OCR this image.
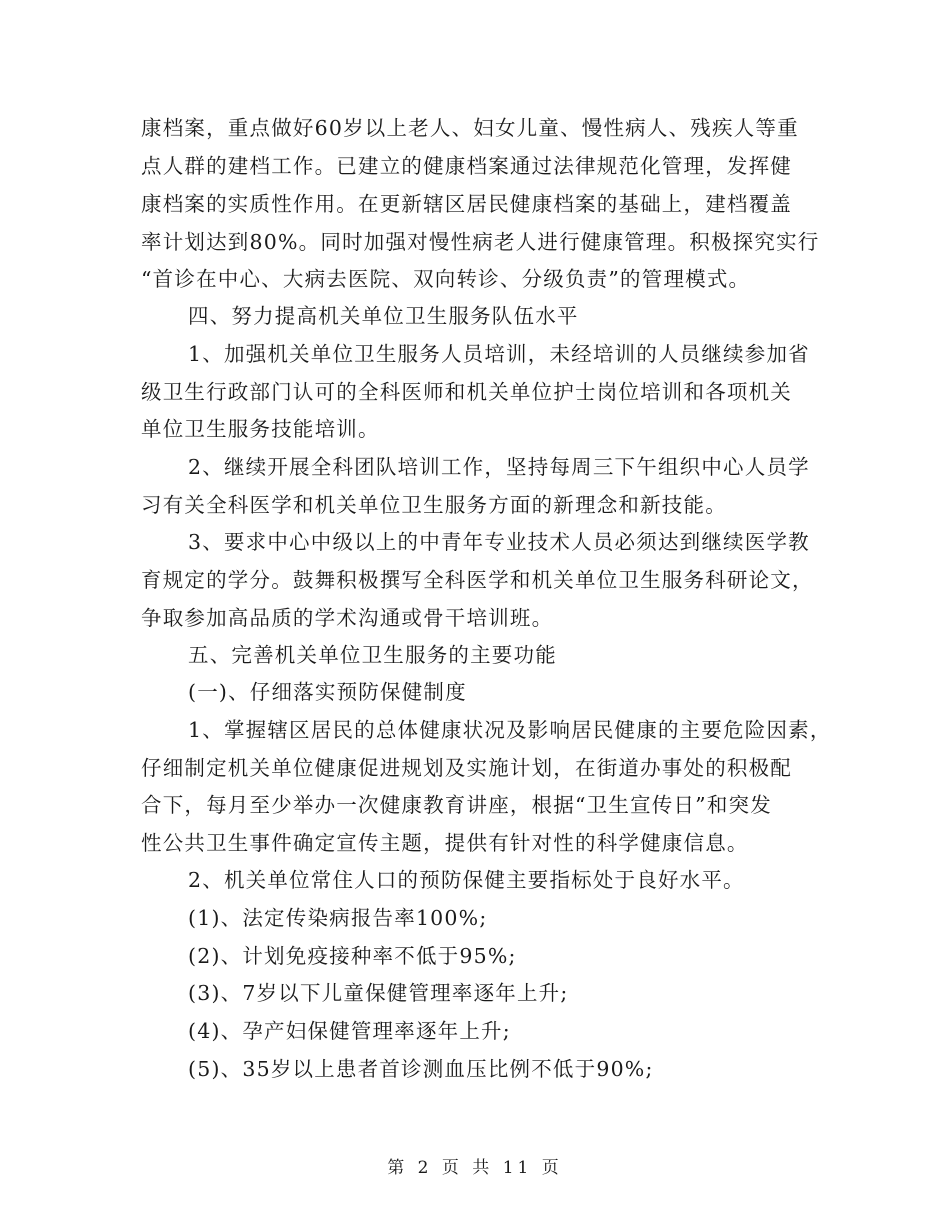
康档案，重点做好60岁以上老人、妇女儿童、慢性病人、残疾人等重
点人群的建档工作。已建立的健康档案通过法律规范化管理，发挥健
康档案的实质性作用。在更新辖区居民健康档案的基础上，建档覆盖
率计划达到80%。同时加强对慢性病老人进行健康管理。积极探究实行
“首诊在中心、大病去医院、双向转诊、分级负责”的管理模式。
四、努力提高机关单位卫生服务队伍水平
1、加强机关单位卫生服务人员培训，未经培训的人员继续参加省
级卫生行政部门认可的全科医师和机关单位护士岗位培训和各项机关
单位卫生服务技能培训。
2、继续开展全科团队培训工作，坚持每周三下午组织中心人员学
习有关全科医学和机关单位卫生服务方面的新理念和新技能。
3、要求中心中级以上的中青年专业技术人员必须达到继续医学教
育规定的学分。鼓舞积极撰写全科医学和机关单位卫生服务科研论文，
争取参加高品质的学术沟通或骨干培训班。
五、完善机关单位卫生服务的主要功能
(一)、仔细落实预防保健制度
1、掌握辖区居民的总体健康状况及影响居民健康的主要危险因素，
仔细制定机关单位健康促进规划及实施计划，在街道办事处的积极配
合下，每月至少举办一次健康教育讲座，根据“卫生宣传日”和突发
性公共卫生事件确定宣传主题，提供有针对性的科学健康信息。
2、机关单位常住人口的预防保健主要指标处于良好水平。
(1)、法定传染病报告率100%;
(2)、计划免疫接种率不低于95%;
(3)、7岁以下儿童保健管理率逐年上升;
(4)、孕产妇保健管理率逐年上升;
(5)、35岁以上患者首诊测血压比例不低于90%;
第 2 页 共 11 页
